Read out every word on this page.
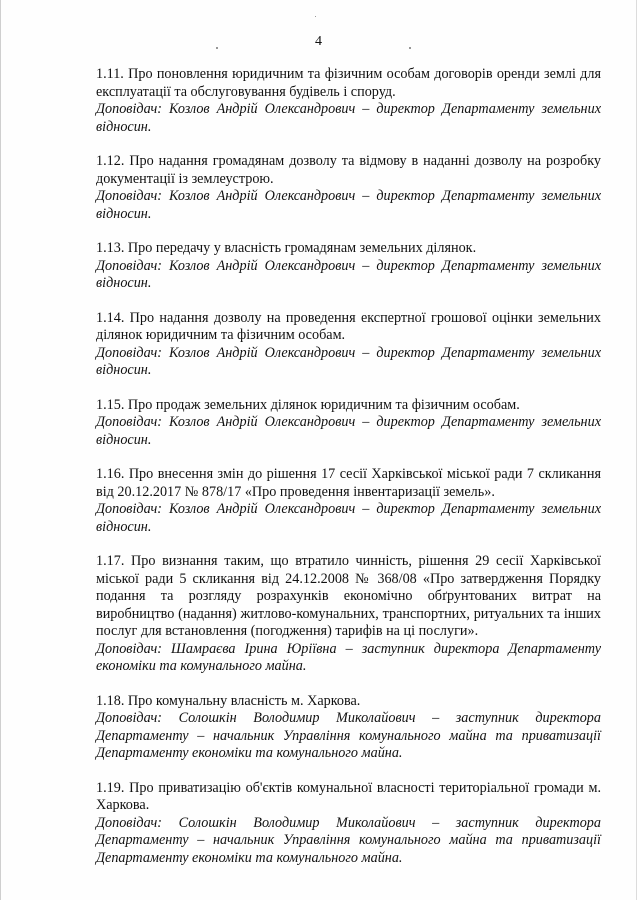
4

1.11. Про поновлення юридичним та фізичним особам договорів оренди землі для експлуатації та обслуговування будівель і споруд.

Доповідач: Козлов Андрій Олександрович – директор Департаменту земельних відносин.

1.12. Про надання громадянам дозволу та відмову в наданні дозволу на розробку документації із землеустрою.

Доповідач: Козлов Андрій Олександрович – директор Департаменту земельних відносин.

1.13. Про передачу у власність громадянам земельних ділянок.

Доповідач: Козлов Андрій Олександрович – директор Департаменту земельних відносин.

1.14. Про надання дозволу на проведення експертної грошової оцінки земельних ділянок юридичним та фізичним особам.

Доповідач: Козлов Андрій Олександрович – директор Департаменту земельних відносин.

1.15. Про продаж земельних ділянок юридичним та фізичним особам.

Доповідач: Козлов Андрій Олександрович – директор Департаменту земельних відносин.

1.16. Про внесення змін до рішення 17 сесії Харківської міської ради 7 скликання від 20.12.2017 № 878/17 «Про проведення інвентаризації земель».

Доповідач: Козлов Андрій Олександрович – директор Департаменту земельних відносин.

1.17. Про визнання таким, що втратило чинність, рішення 29 сесії Харківської міської ради 5 скликання від 24.12.2008 № 368/08 «Про затвердження Порядку подання та розгляду розрахунків економічно обґрунтованих витрат на виробництво (надання) житлово-комунальних, транспортних, ритуальних та інших послуг для встановлення (погодження) тарифів на ці послуги».

Доповідач: Шамраєва Ірина Юріївна – заступник директора Департаменту економіки та комунального майна.

1.18. Про комунальну власність м. Харкова.

Доповідач: Солошкін Володимир Миколайович – заступник директора Департаменту – начальник Управління комунального майна та приватизації Департаменту економіки та комунального майна.

1.19. Про приватизацію об'єктів комунальної власності територіальної громади м. Харкова.

Доповідач: Солошкін Володимир Миколайович – заступник директора Департаменту – начальник Управління комунального майна та приватизації Департаменту економіки та комунального майна.
